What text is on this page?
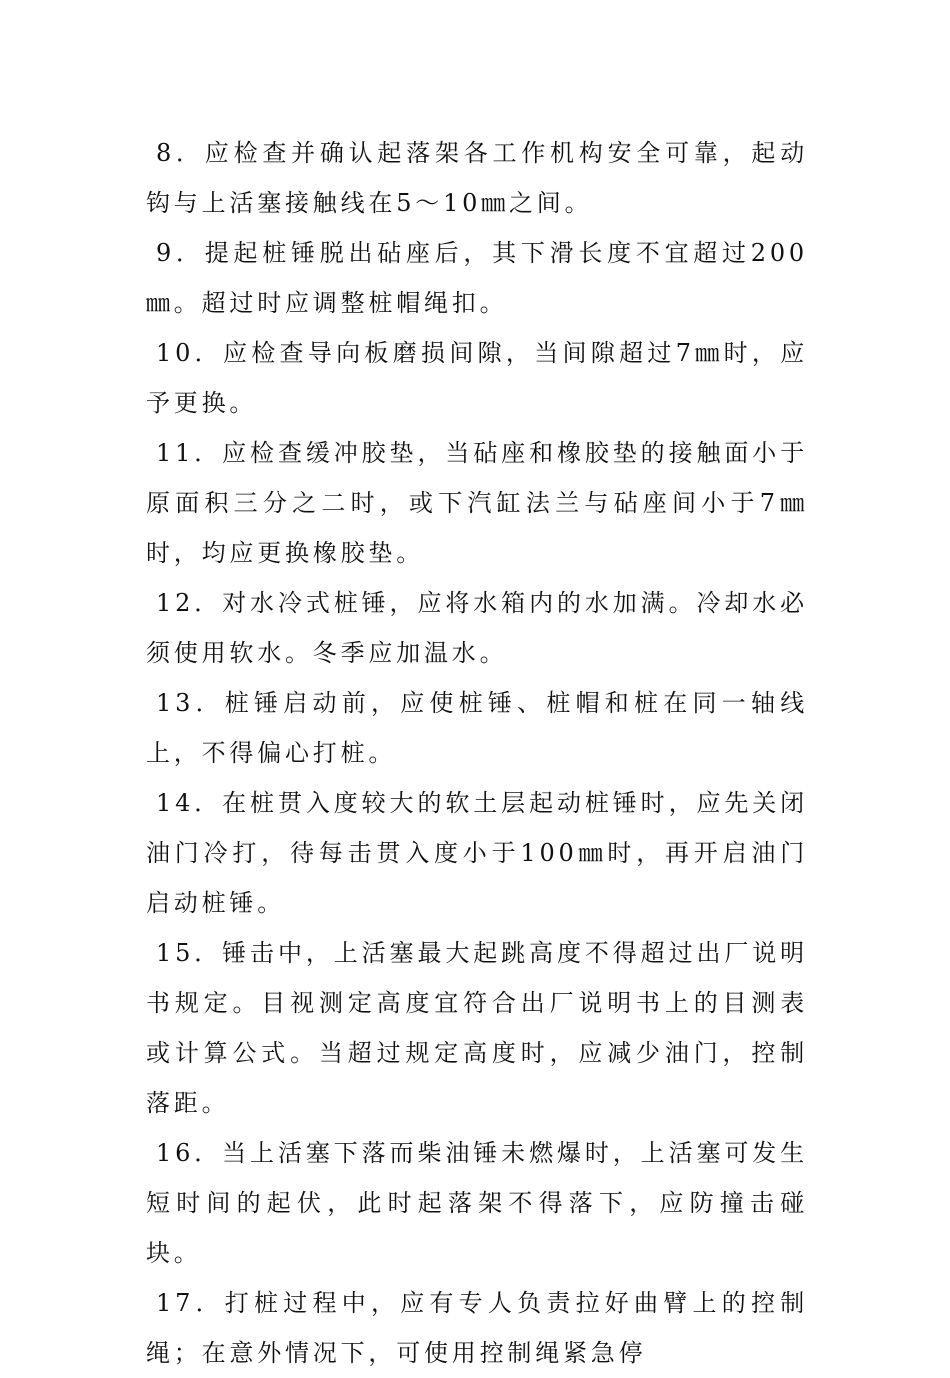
8．应检查并确认起落架各工作机构安全可靠，起动钩与上活塞接触线在5～10㎜之间。

9．提起桩锤脱出砧座后，其下滑长度不宜超过200㎜。超过时应调整桩帽绳扣。

10．应检查导向板磨损间隙，当间隙超过7㎜时，应予更换。

11．应检查缓冲胶垫，当砧座和橡胶垫的接触面小于原面积三分之二时，或下汽缸法兰与砧座间小于7㎜时，均应更换橡胶垫。

12．对水冷式桩锤，应将水箱内的水加满。冷却水必须使用软水。冬季应加温水。

13．桩锤启动前，应使桩锤、桩帽和桩在同一轴线上，不得偏心打桩。

14．在桩贯入度较大的软土层起动桩锤时，应先关闭油门冷打，待每击贯入度小于100㎜时，再开启油门启动桩锤。

15．锤击中，上活塞最大起跳高度不得超过出厂说明书规定。目视测定高度宜符合出厂说明书上的目测表或计算公式。当超过规定高度时，应减少油门，控制落距。

16．当上活塞下落而柴油锤未燃爆时，上活塞可发生短时间的起伏，此时起落架不得落下，应防撞击碰块。

17．打桩过程中，应有专人负责拉好曲臂上的控制绳；在意外情况下，可使用控制绳紧急停
